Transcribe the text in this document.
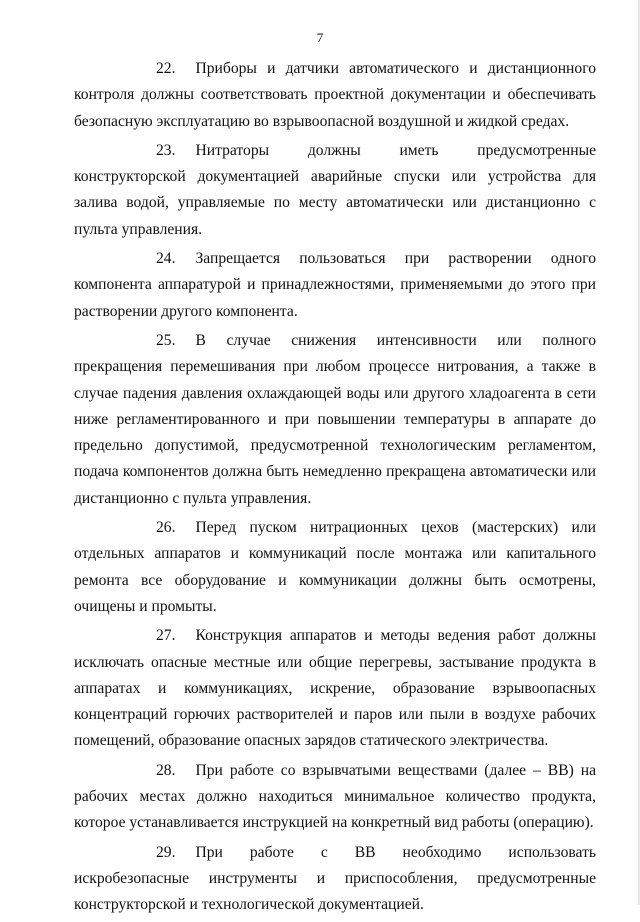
7

22. Приборы и датчики автоматического и дистанционного контроля должны соответствовать проектной документации и обеспечивать безопасную эксплуатацию во взрывоопасной воздушной и жидкой средах.

23. Нитраторы должны иметь предусмотренные конструкторской документацией аварийные спуски или устройства для залива водой, управляемые по месту автоматически или дистанционно с пульта управления.

24. Запрещается пользоваться при растворении одного компонента аппаратурой и принадлежностями, применяемыми до этого при растворении другого компонента.

25. В случае снижения интенсивности или полного прекращения перемешивания при любом процессе нитрования, а также в случае падения давления охлаждающей воды или другого хладоагента в сети ниже регламентированного и при повышении температуры в аппарате до предельно допустимой, предусмотренной технологическим регламентом, подача компонентов должна быть немедленно прекращена автоматически или дистанционно с пульта управления.

26. Перед пуском нитрационных цехов (мастерских) или отдельных аппаратов и коммуникаций после монтажа или капитального ремонта все оборудование и коммуникации должны быть осмотрены, очищены и промыты.

27. Конструкция аппаратов и методы ведения работ должны исключать опасные местные или общие перегревы, застывание продукта в аппаратах и коммуникациях, искрение, образование взрывоопасных концентраций горючих растворителей и паров или пыли в воздухе рабочих помещений, образование опасных зарядов статического электричества.

28. При работе со взрывчатыми веществами (далее – ВВ) на рабочих местах должно находиться минимальное количество продукта, которое устанавливается инструкцией на конкретный вид работы (операцию).

29. При работе с ВВ необходимо использовать искробезопасные инструменты и приспособления, предусмотренные конструкторской и технологической документацией.
